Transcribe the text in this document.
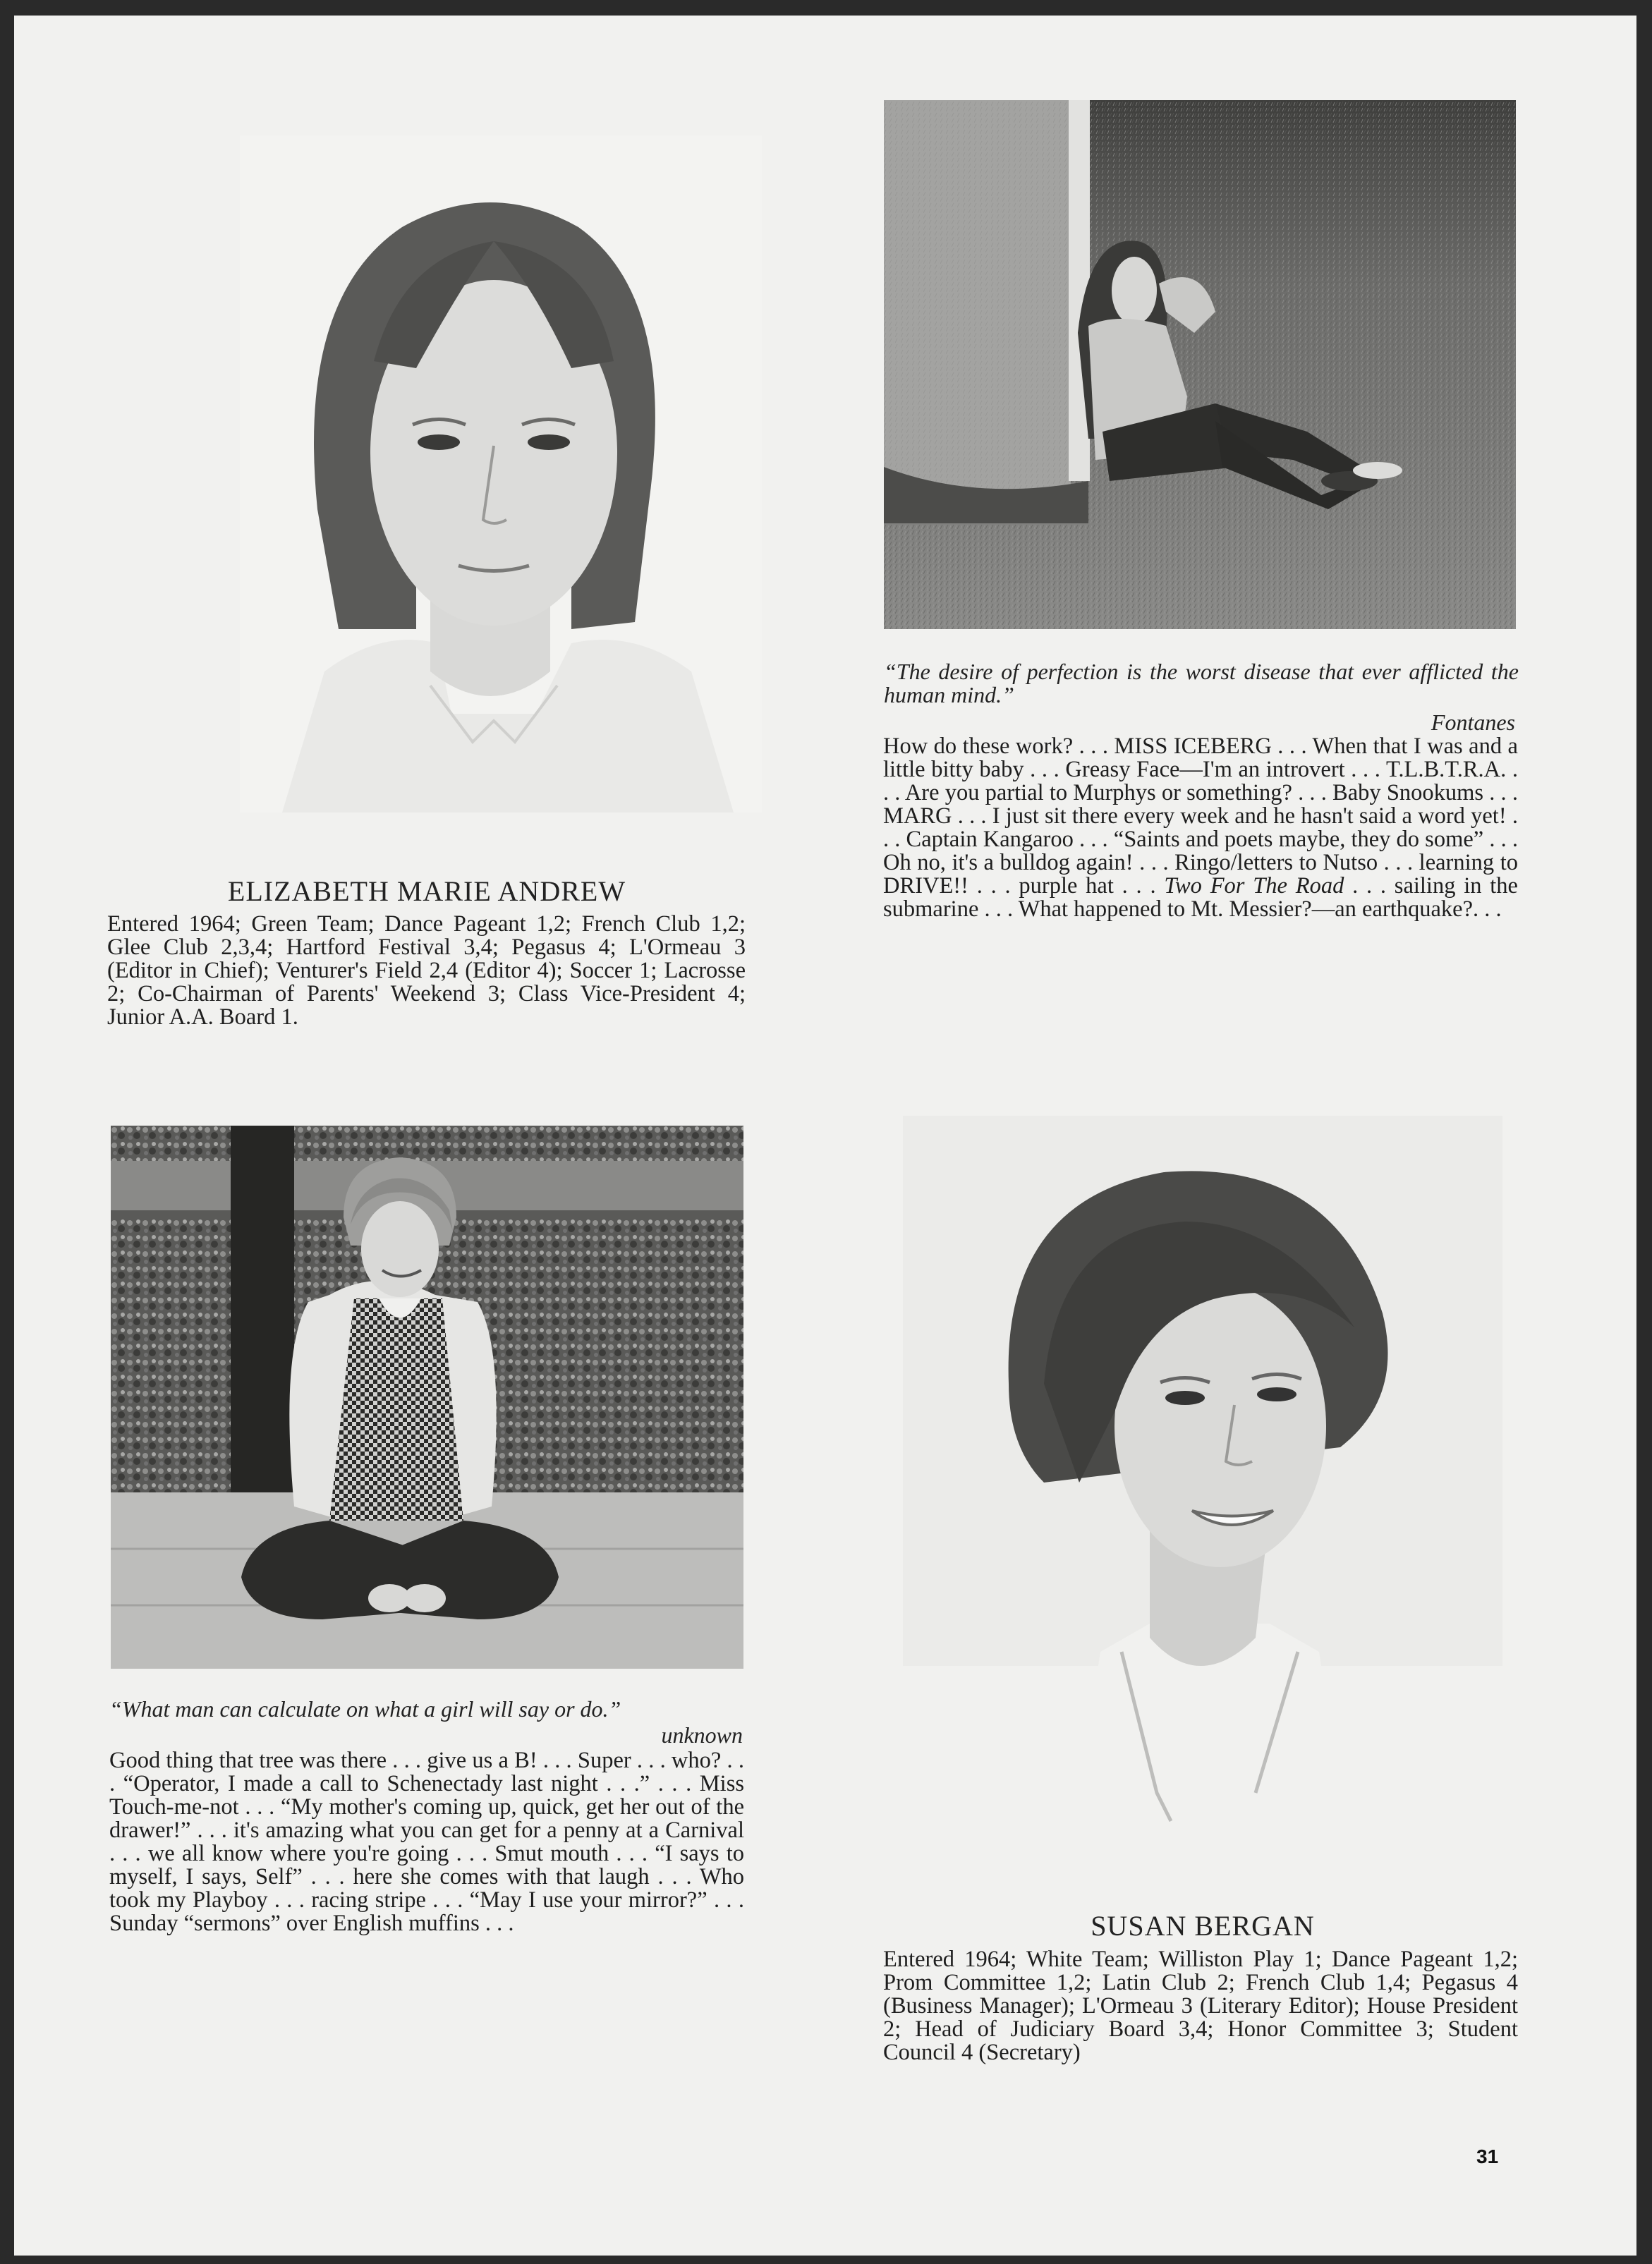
ELIZABETH MARIE ANDREW
Entered 1964; Green Team; Dance Pageant 1,2; French Club 1,2; Glee Club 2,3,4; Hartford Festival 3,4; Pegasus 4; L'Ormeau 3 (Editor in Chief); Venturer's Field 2,4 (Editor 4); Soccer 1; Lacrosse 2; Co-Chairman of Parents' Weekend 3; Class Vice-President 4; Junior A.A. Board 1.
“The desire of perfection is the worst disease that ever afflicted the human mind.”
Fontanes
How do these work? . . . MISS ICEBERG . . . When that I was and a little bitty baby . . . Greasy Face—I'm an introvert . . . T.L.B.T.R.A. . . . Are you partial to Murphys or something? . . . Baby Snookums . . . MARG . . . I just sit there every week and he hasn't said a word yet! . . . Captain Kangaroo . . . “Saints and poets maybe, they do some” . . . Oh no, it's a bulldog again! . . . Ringo/letters to Nutso . . . learning to DRIVE!! . . . purple hat . . . Two For The Road . . . sailing in the submarine . . . What happened to Mt. Messier?—an earthquake?. . .
“What man can calculate on what a girl will say or do.”
unknown
Good thing that tree was there . . . give us a B! . . . Super . . . who? . . . “Operator, I made a call to Schenectady last night . . .” . . . Miss Touch-me-not . . . “My mother's coming up, quick, get her out of the drawer!” . . . it's amazing what you can get for a penny at a Carnival . . . we all know where you're going . . . Smut mouth . . . “I says to myself, I says, Self” . . . here she comes with that laugh . . . Who took my Playboy . . . racing stripe . . . “May I use your mirror?” . . . Sunday “sermons” over English muffins . . .	SUSAN BERGAN
Entered 1964; White Team; Williston Play 1; Dance Pageant 1,2; Prom Committee 1,2; Latin Club 2; French Club 1,4; Pegasus 4 (Business Manager); L'Ormeau 3 (Literary Editor); House President 2; Head of Judiciary Board 3,4; Honor Committee 3; Student Council 4 (Secretary)
31
